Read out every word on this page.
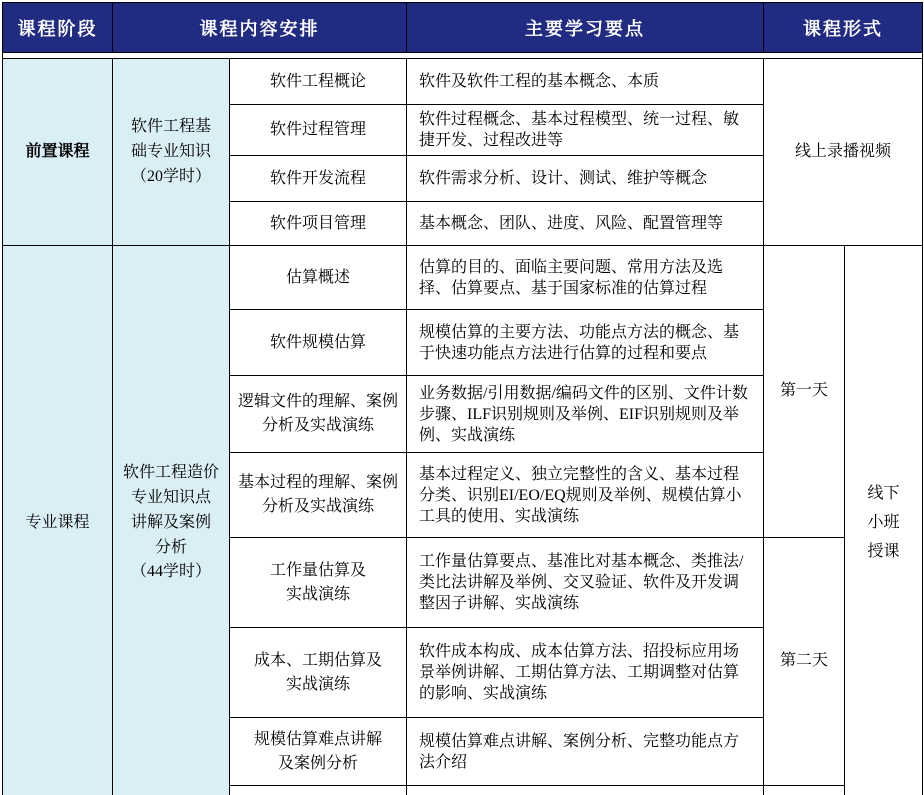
课程阶段	课程内容安排		主要学习要点	课程形式	

前置课程	软件工程基
础专业知识
（20学时）	软件工程概论	软件及软件工程的基本概念、本质	线上录播视频	
		软件过程管理	软件过程概念、基本过程模型、统一过程、敏捷开发、过程改进等		
		软件开发流程	软件需求分析、设计、测试、维护等概念		
		软件项目管理	基本概念、团队、进度、风险、配置管理等		
专业课程	软件工程造价
专业知识点
讲解及案例
分析
（44学时）	估算概述	估算的目的、面临主要问题、常用方法及选择、估算要点、基于国家标准的估算过程	第一天	线下
小班
授课
		软件规模估算	规模估算的主要方法、功能点方法的概念、基于快速功能点方法进行估算的过程和要点		
		逻辑文件的理解、案例
分析及实战演练	业务数据/引用数据/编码文件的区别、文件计数步骤、ILF识别规则及举例、EIF识别规则及举例、实战演练		
		基本过程的理解、案例
分析及实战演练	基本过程定义、独立完整性的含义、基本过程分类、识别EI/EO/EQ规则及举例、规模估算小工具的使用、实战演练		
		工作量估算及
实战演练	工作量估算要点、基准比对基本概念、类推法/类比法讲解及举例、交叉验证、软件及开发调整因子讲解、实战演练	第二天	
		成本、工期估算及
实战演练	软件成本构成、成本估算方法、招投标应用场景举例讲解、工期估算方法、工期调整对估算的影响、实战演练		
		规模估算难点讲解
及案例分析	规模估算难点讲解、案例分析、完整功能点方法介绍		
